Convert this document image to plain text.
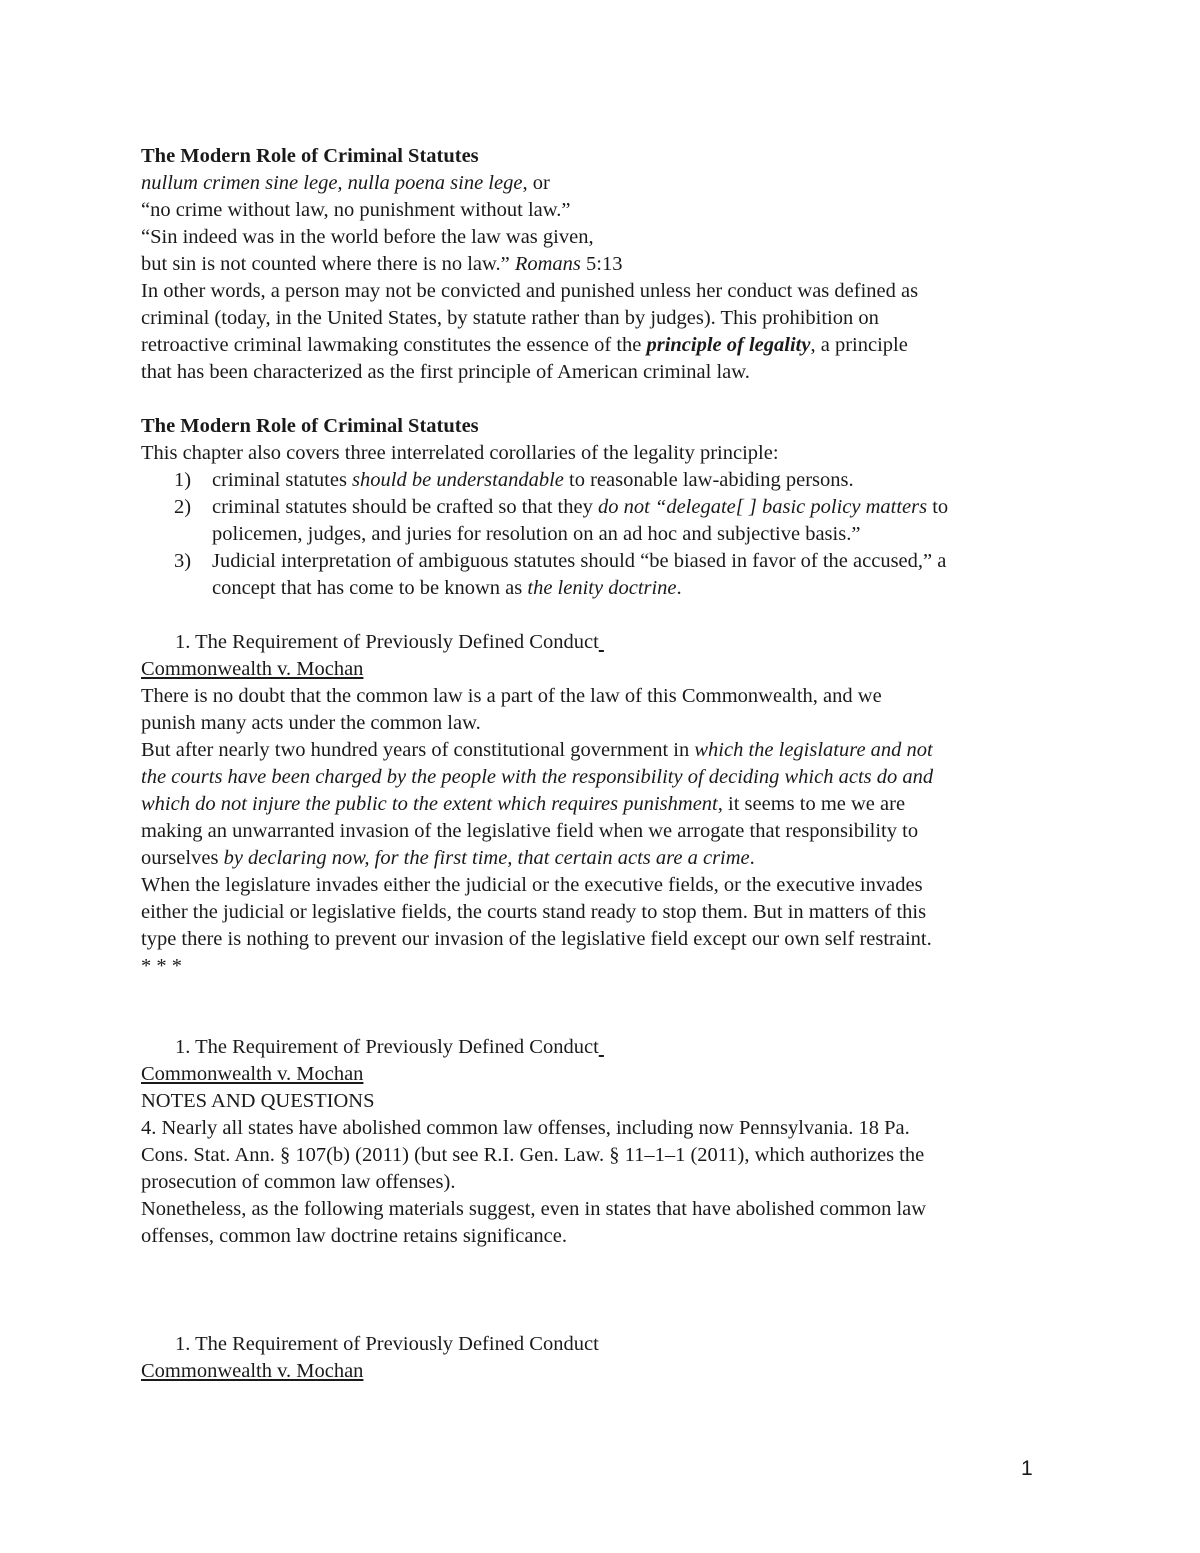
The Modern Role of Criminal Statutes

nullum crimen sine lege, nulla poena sine lege, or

“no crime without law, no punishment without law.”

“Sin indeed was in the world before the law was given,

but sin is not counted where there is no law.” Romans 5:13

In other words, a person may not be convicted and punished unless her conduct was defined as

criminal (today, in the United States, by statute rather than by judges). This prohibition on

retroactive criminal lawmaking constitutes the essence of the principle of legality, a principle

that has been characterized as the first principle of American criminal law.

The Modern Role of Criminal Statutes

This chapter also covers three interrelated corollaries of the legality principle:

1) criminal statutes should be understandable to reasonable law-abiding persons.
2) criminal statutes should be crafted so that they do not “delegate[ ] basic policy matters to
policemen, judges, and juries for resolution on an ad hoc and subjective basis.”
3) Judicial interpretation of ambiguous statutes should “be biased in favor of the accused,” a
concept that has come to be known as the lenity doctrine.

1. The Requirement of Previously Defined Conduct

Commonwealth v. Mochan

There is no doubt that the common law is a part of the law of this Commonwealth, and we

punish many acts under the common law.

But after nearly two hundred years of constitutional government in which the legislature and not

the courts have been charged by the people with the responsibility of deciding which acts do and

which do not injure the public to the extent which requires punishment, it seems to me we are

making an unwarranted invasion of the legislative field when we arrogate that responsibility to

ourselves by declaring now, for the first time, that certain acts are a crime.

When the legislature invades either the judicial or the executive fields, or the executive invades

either the judicial or legislative fields, the courts stand ready to stop them. But in matters of this

type there is nothing to prevent our invasion of the legislative field except our own self restraint.

* * *

1. The Requirement of Previously Defined Conduct

Commonwealth v. Mochan

NOTES AND QUESTIONS

4. Nearly all states have abolished common law offenses, including now Pennsylvania. 18 Pa.

Cons. Stat. Ann. § 107(b) (2011) (but see R.I. Gen. Law. § 11–1–1 (2011), which authorizes the

prosecution of common law offenses).

Nonetheless, as the following materials suggest, even in states that have abolished common law

offenses, common law doctrine retains significance.

1. The Requirement of Previously Defined Conduct

Commonwealth v. Mochan

1
